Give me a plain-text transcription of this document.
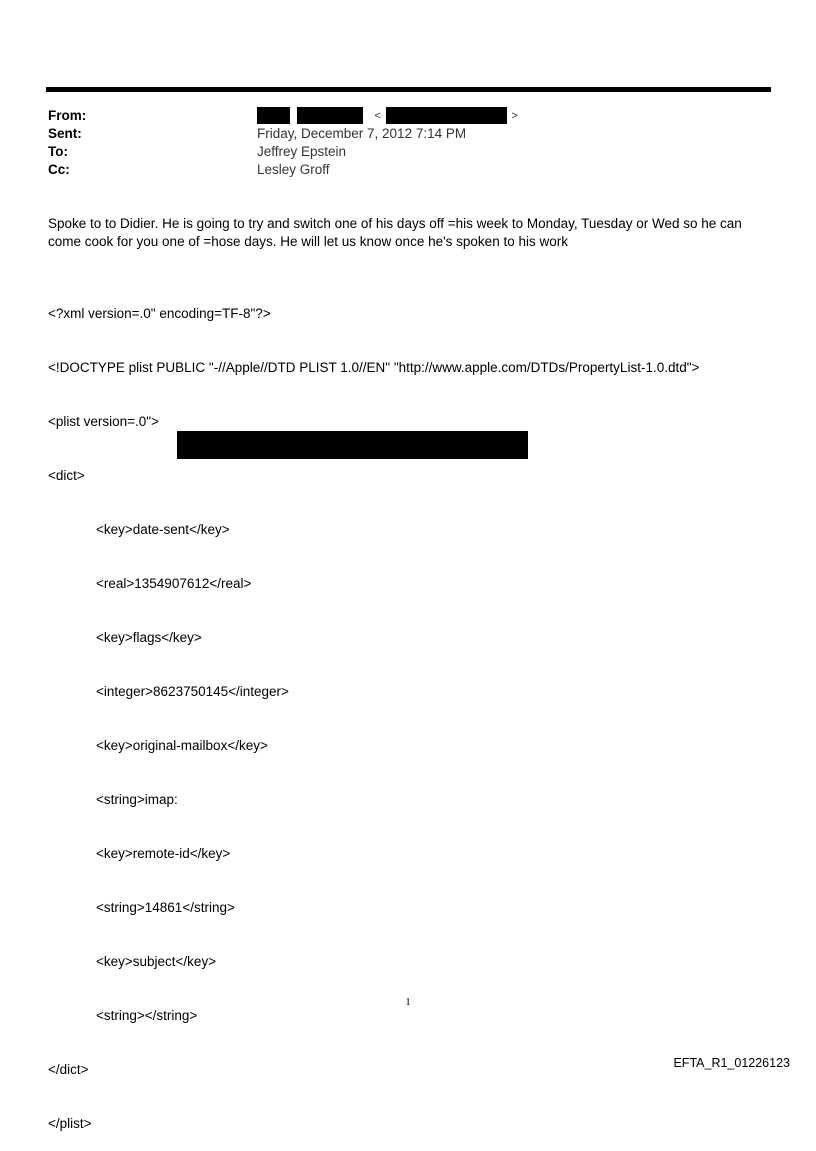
From:	<	>
Sent:	Friday, December 7, 2012 7:14 PM
To:	Jeffrey Epstein
Cc:	Lesley Groff
Spoke to to Didier. He is going to try and switch one of his days off =his week to Monday, Tuesday or Wed so he can
come cook for you one of =hose days. He will let us know once he's spoken to his work

<?xml version=.0" encoding=TF-8"?>

<!DOCTYPE plist PUBLIC "-//Apple//DTD PLIST 1.0//EN" "http://www.apple.com/DTDs/PropertyList-1.0.dtd">

<plist version=.0">

<dict>

<key>date-sent</key>

<real>1354907612</real>

<key>flags</key>

<integer>8623750145</integer>

<key>original-mailbox</key>

<string>imap:

<key>remote-id</key>

<string>14861</string>

<key>subject</key>

<string></string>

</dict>

</plist>

1
EFTA_R1_01226123
